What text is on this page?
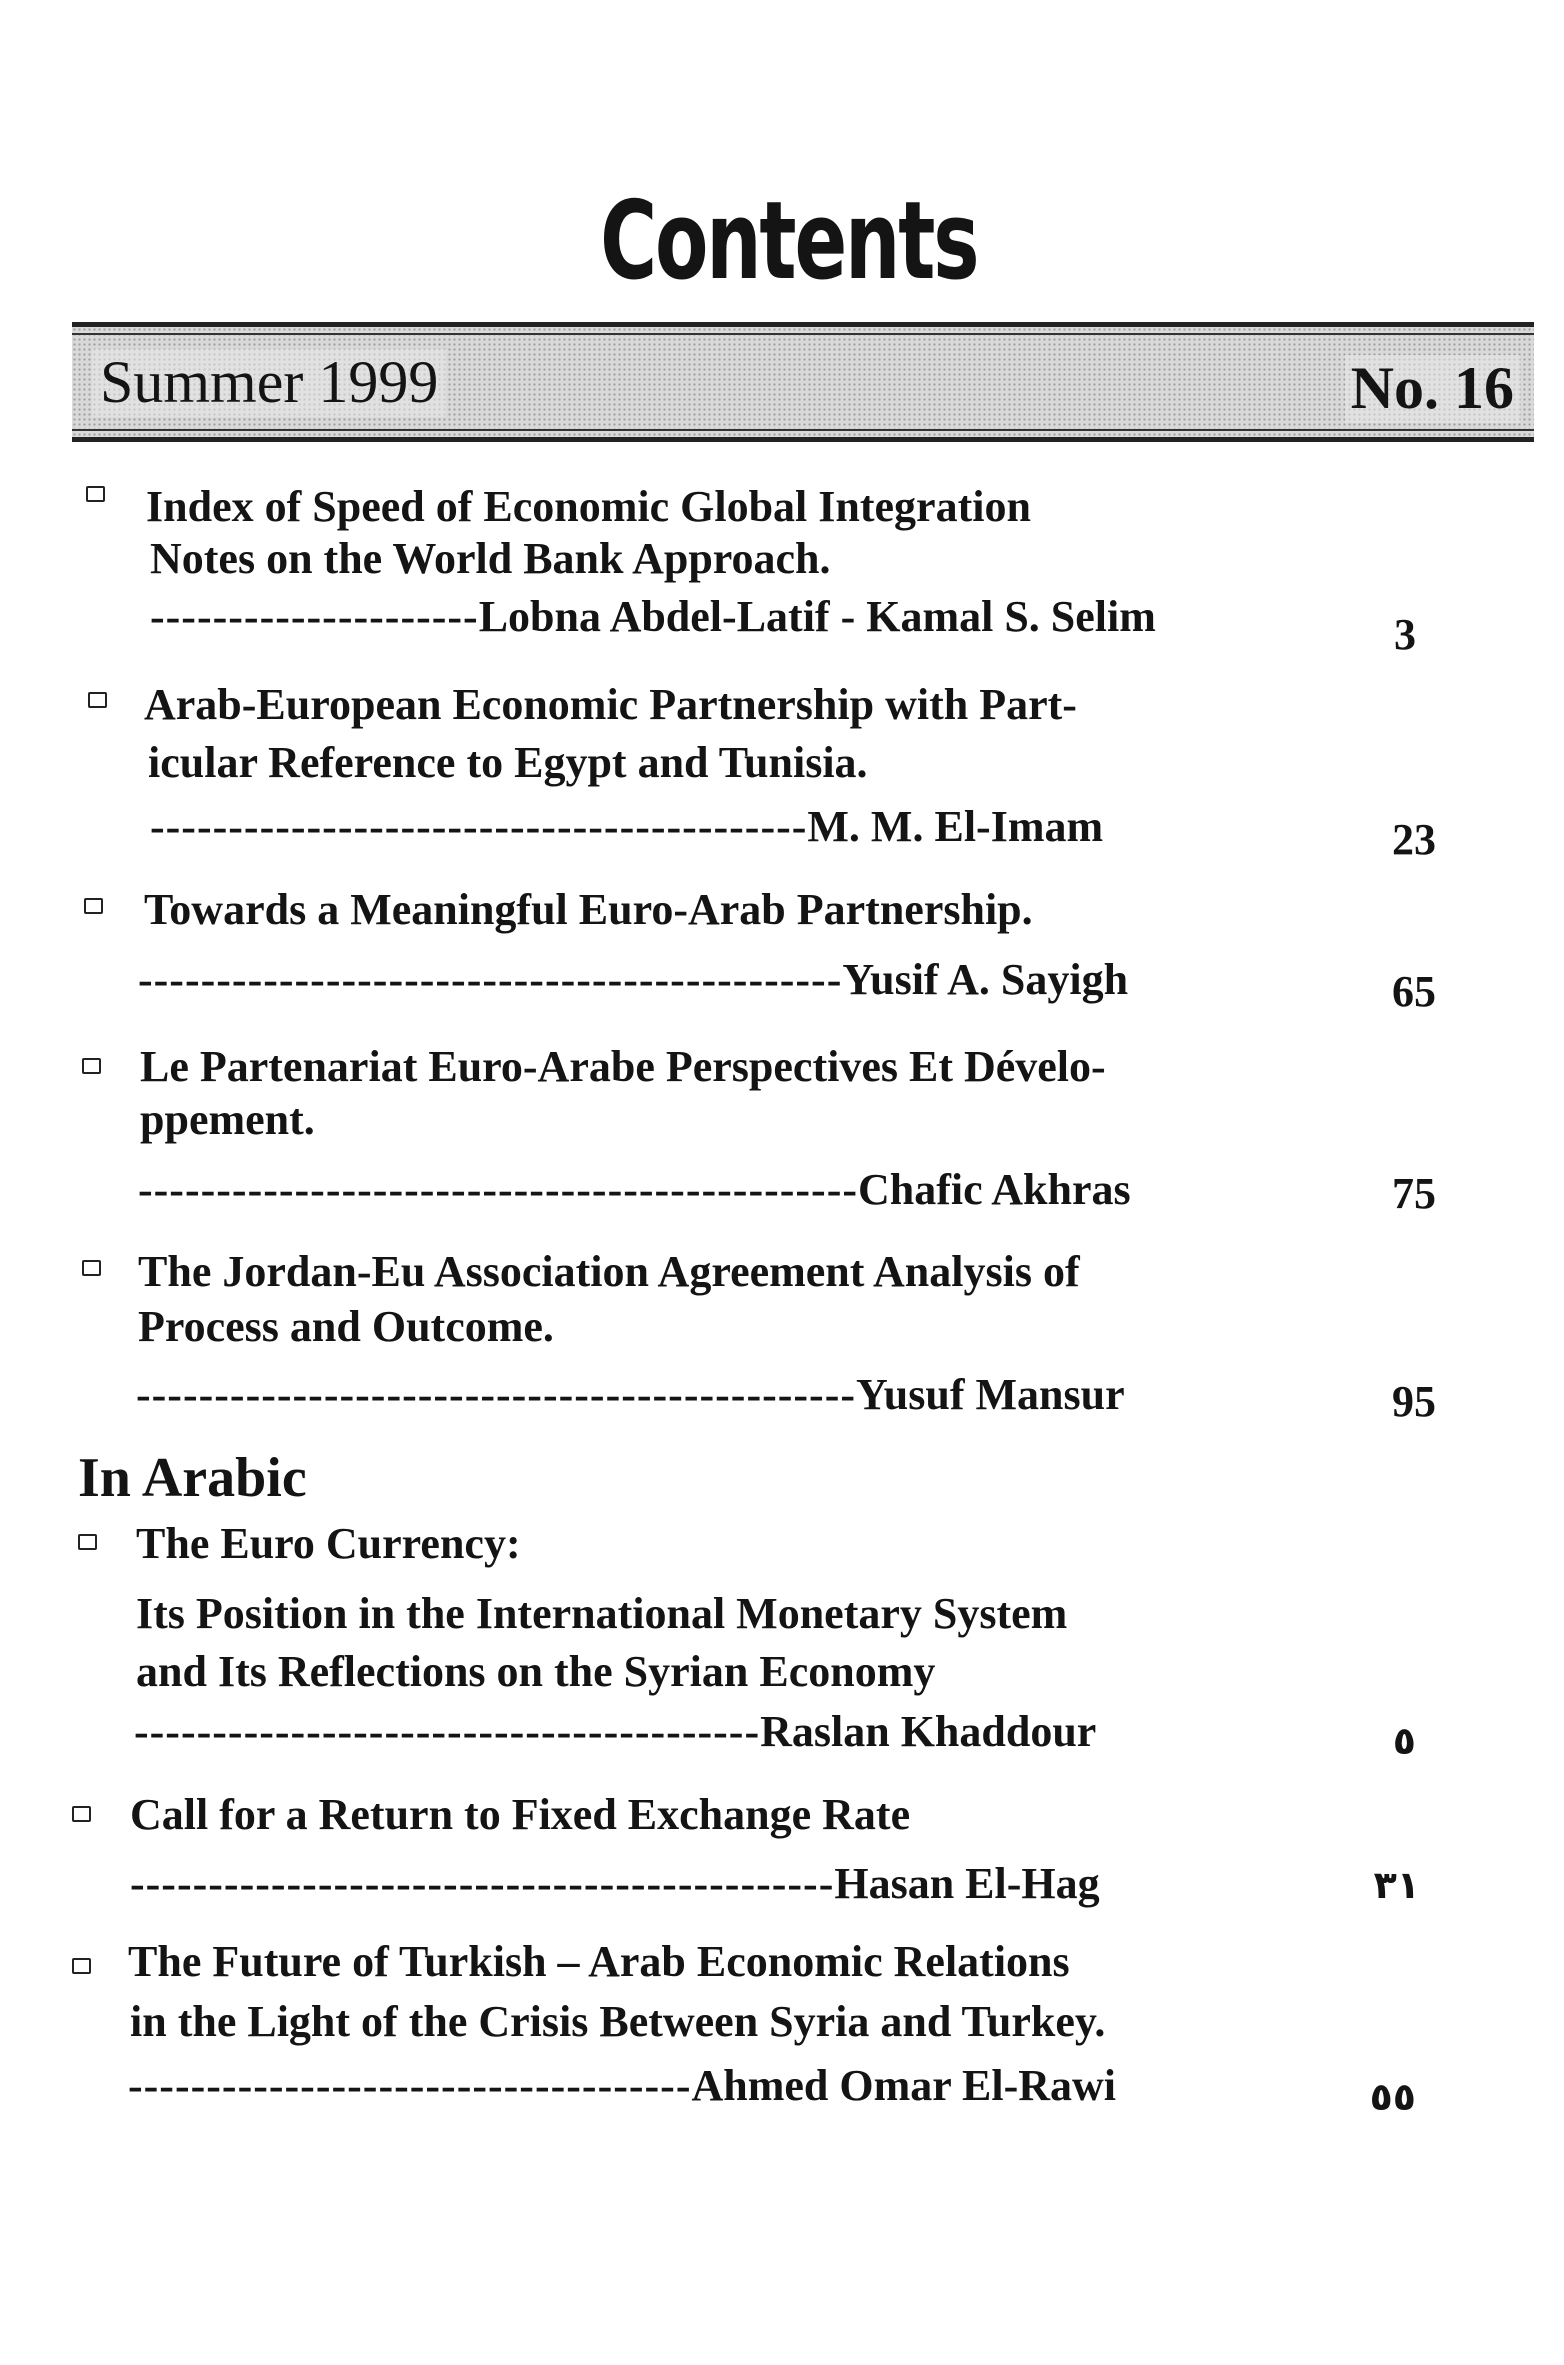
Contents
Summer 1999	No. 16
Index of Speed of Economic Global Integration
Notes on the World Bank Approach.
---------------------Lobna Abdel-Latif - Kamal S. Selim	3
Arab-European Economic Partnership with Part-
icular Reference to Egypt and Tunisia.
------------------------------------------M. M. El-Imam	23
Towards a Meaningful Euro-Arab Partnership.
---------------------------------------------Yusif A. Sayigh	65
Le Partenariat Euro-Arabe Perspectives Et Dévelo-
ppement.
----------------------------------------------Chafic Akhras	75
The Jordan-Eu Association Agreement Analysis of
Process and Outcome.
----------------------------------------------Yusuf Mansur	95
In Arabic
The Euro Currency:
Its Position in the International Monetary System
and Its Reflections on the Syrian Economy
----------------------------------------Raslan Khaddour	٥
Call for a Return to Fixed Exchange Rate
---------------------------------------------Hasan El-Hag	٣١
The Future of Turkish – Arab Economic Relations
in the Light of the Crisis Between Syria and Turkey.
------------------------------------Ahmed Omar El-Rawi	٥٥
